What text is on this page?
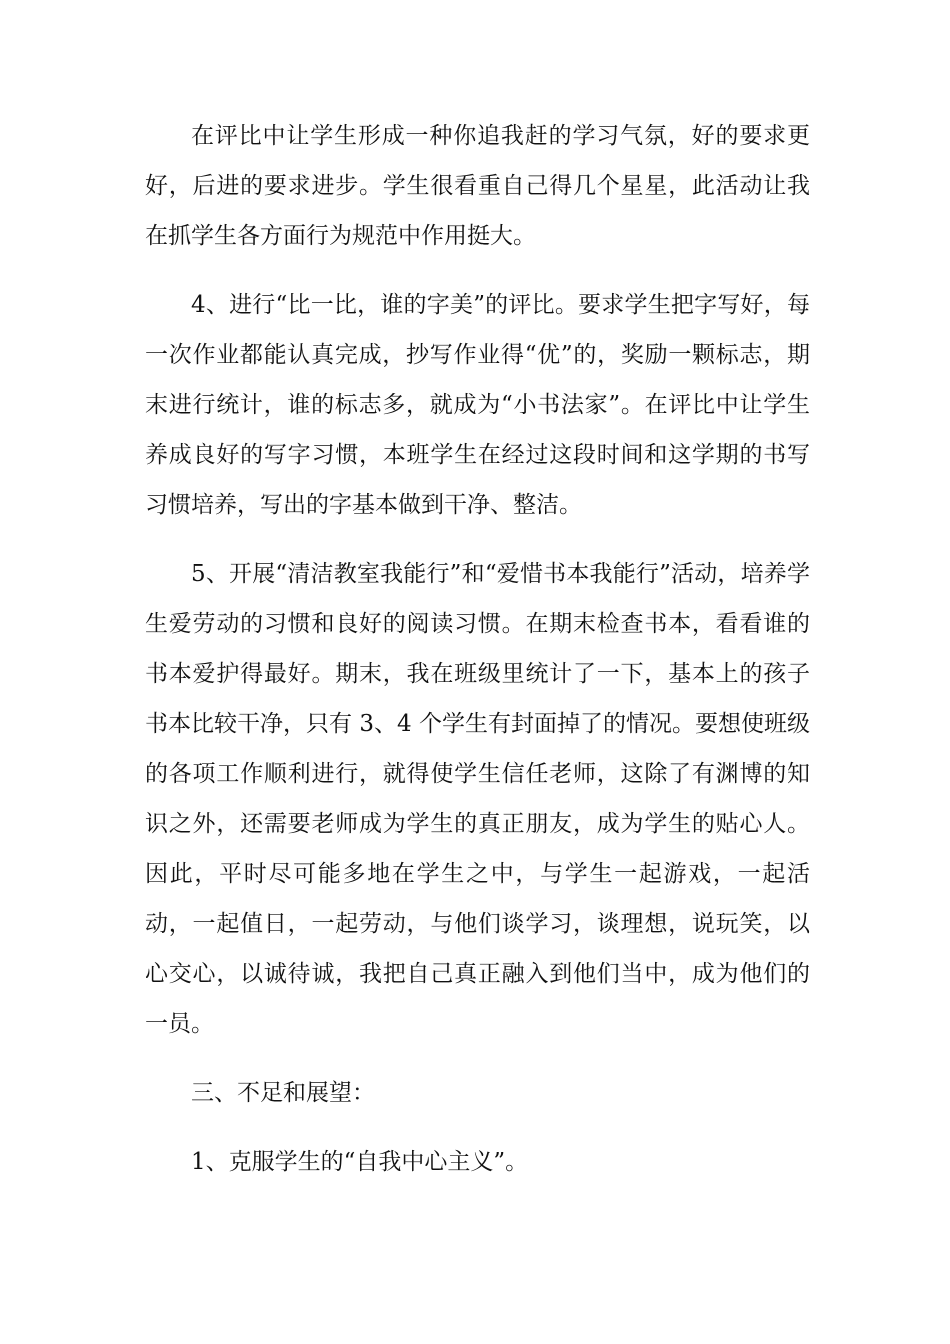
在评比中让学生形成一种你追我赶的学习气氛，好的要求更好，后进的要求进步。学生很看重自己得几个星星，此活动让我在抓学生各方面行为规范中作用挺大。

4、进行“比一比，谁的字美”的评比。要求学生把字写好，每一次作业都能认真完成，抄写作业得“优”的，奖励一颗标志，期末进行统计，谁的标志多，就成为“小书法家”。在评比中让学生养成良好的写字习惯，本班学生在经过这段时间和这学期的书写习惯培养，写出的字基本做到干净、整洁。

5、开展“清洁教室我能行”和“爱惜书本我能行”活动，培养学生爱劳动的习惯和良好的阅读习惯。在期末检查书本，看看谁的书本爱护得最好。期末，我在班级里统计了一下，基本上的孩子书本比较干净，只有 3、4 个学生有封面掉了的情况。要想使班级的各项工作顺利进行，就得使学生信任老师，这除了有渊博的知识之外，还需要老师成为学生的真正朋友，成为学生的贴心人。因此，平时尽可能多地在学生之中，与学生一起游戏，一起活动，一起值日，一起劳动，与他们谈学习，谈理想，说玩笑，以心交心，以诚待诚，我把自己真正融入到他们当中，成为他们的一员。

三、不足和展望：

1、克服学生的“自我中心主义”。
